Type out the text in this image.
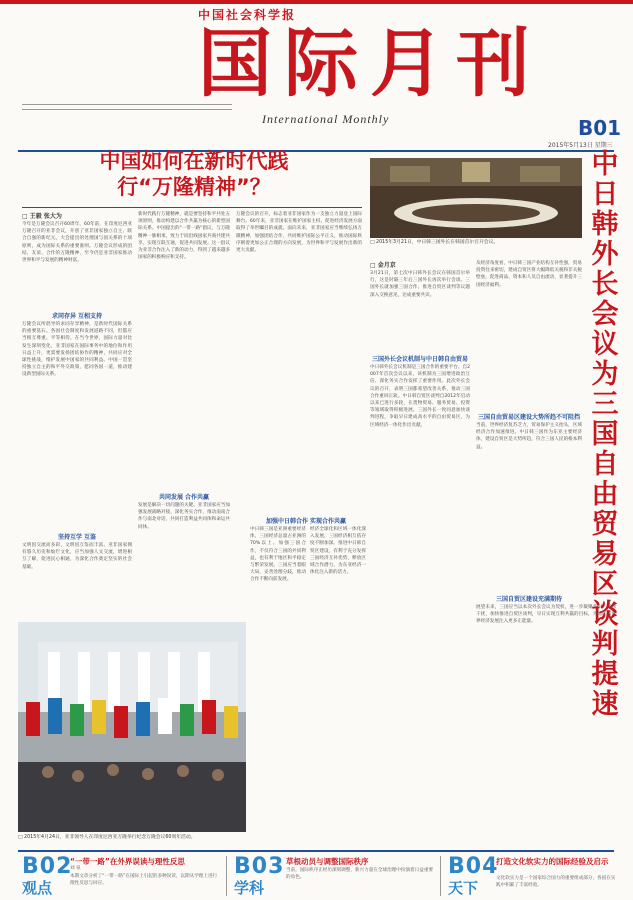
中国社会科学报
国际月刊
International Monthly	B01
2015年5月13日 星期三
中国如何在新时代践行“万隆精神”？
□ 2015年3月21日，中日韩三国外长在韩国首尔召开会议。
中日韩外长会议为三国自由贸易区谈判提速
□ 王毅 张大为
今年是万隆会议召开60周年，60年前，在印度尼西亚万隆召开的亚非会议，开创了亚非国家独立自主、联合自强的新纪元。大会提出的处理国与国关系的十项原则，成为国际关系的重要准则。万隆会议形成的团结、友谊、合作的万隆精神，至今仍是亚非国家推动世界和平与发展的精神财富。
求同存异 互相支持
万隆会议所倡导的求同存异精神，是新时代国际关系的重要基石。各国社会制度和发展道路不同，但都应当相互尊重、平等相待。在当今世界，国际力量对比发生深刻变化，亚非国家在国际事务中的地位和作用日益上升，更需要发扬团结协作的精神，共同应对全球性挑战，维护发展中国家的共同利益。中国一贯坚持独立自主的和平外交政策，愿同各国一道，推动建设新型国际关系。
坚持互学 互鉴
文明因交流而多彩，文明因互鉴而丰富。亚非国家拥有悠久历史和灿烂文化，应当加强人文交流，增进相互了解，促进民心相通，为深化合作奠定坚实的社会基础。
新时代践行万隆精神，就是要坚持和平共处五项原则，推动构建以合作共赢为核心的新型国际关系。中国提出的"一带一路"倡议，与万隆精神一脉相承，致力于同沿线国家共商共建共享，实现互联互通，促进共同发展。这一倡议为亚非合作注入了新的动力，得到了越来越多国家的积极响应和支持。
共同发展 合作共赢
发展是解决一切问题的关键。亚非国家应当加强发展战略对接，深化务实合作，推动南南合作与南北对话，共同打造利益共同体和命运共同体。
万隆会议的召开，标志着亚非国家作为一支独立力量登上国际舞台。60年来，亚非国家在维护国家主权、促进经济发展方面取得了举世瞩目的成就。面向未来，亚非国家应当继续弘扬万隆精神，加强团结合作，共同维护国际公平正义，推动国际秩序朝着更加公正合理的方向发展，为世界和平与发展作出新的更大贡献。
□ 2015年4月24日，亚非领导人在印度尼西亚万隆举行纪念万隆会议60周年活动。
加强中日韩合作 实现合作共赢
中日韩三国是亚洲重要经济体，三国经济总量占亚洲的70%以上。加强三国合作，不仅符合三国的共同利益，也有利于地区和平稳定与繁荣发展。三国应当着眼大局，妥善处理分歧，推动合作不断向前发展。
经济全球化和区域一体化深入发展，三国经济相互依存度不断加深。推进中日韩自贸区建设，有利于充分发挥三国经济互补优势，释放区域合作潜力，为东亚经济一体化注入新的活力。
□ 金月京
3月21日，第七次中日韩外长会议在韩国首尔举行，这是时隔三年后三国外长再次举行会谈。三国外长就加强三国合作、推进自贸区谈判等议题深入交换意见，达成重要共识。
三国外长会议机制与中日韩自由贸易
中日韩外长会议机制是三国合作的重要平台。自2007年首次会议以来，该机制为三国增进政治互信、深化务实合作发挥了重要作用。此次外长会议的召开，表明三国都希望改善关系，推动三国合作重回正轨。中日韩自贸区谈判自2012年启动以来已进行多轮，在货物贸易、服务贸易、投资等领域取得积极进展。三国外长一致同意加快谈判进程，争取早日建成高水平的自由贸易区，为区域经济一体化作出贡献。
从经济角度看，中日韩三国产业结构互补性强，贸易投资往来密切。建成自贸区将大幅降低关税和非关税壁垒，促进商品、资本和人员自由流动，显著提升三国经济福利。
三国自由贸易区建设大势所趋不可阻挡
当前，世界经济复苏乏力，贸易保护主义抬头，区域经济合作加速推进。中日韩三国作为东亚主要经济体，建设自贸区是大势所趋，符合三国人民的根本利益。
三国自贸区建设充满期待
展望未来，三国应当以本次外长会议为契机，进一步凝聚共识，排除干扰，加快推进自贸区谈判，早日实现互利共赢的目标，为地区和世界经济发展注入更多正能量。
B02
观点
“一带一路”在外界误读与理性反思
刘 泉
本期文章分析了“一带一路”在国际上引起的多种误读，以期从学理上进行理性反思与回应。
B03
学科
草根动员与调整国际秩序
当前，国际秩序正经历深刻调整，新兴力量在全球治理中扮演着日益重要的角色。	B04
天下
打造文化软实力的国际经验及启示
文化软实力是一个国家综合国力的重要组成部分，各国在实践中积累了丰富经验。
